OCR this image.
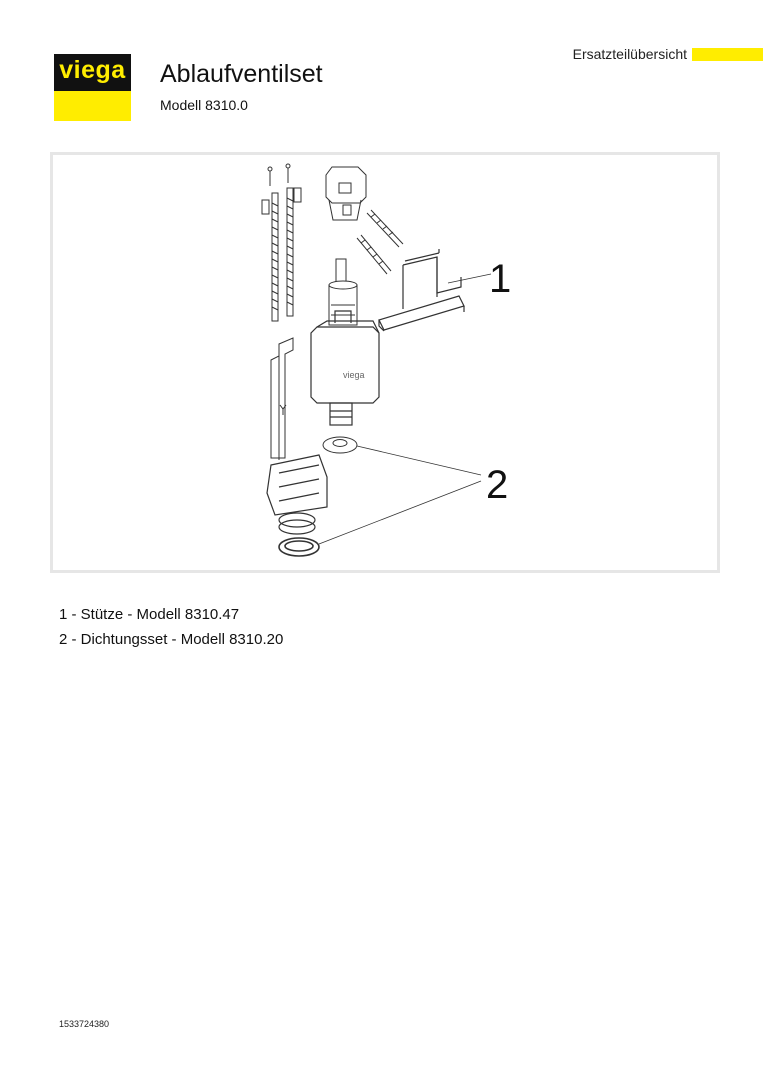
viega Ablaufventilset
Modell 8310.0
Ersatzteilübersicht
viega
1
2
1 - Stütze - Modell 8310.47
2 - Dichtungsset - Modell 8310.20
1533724380
